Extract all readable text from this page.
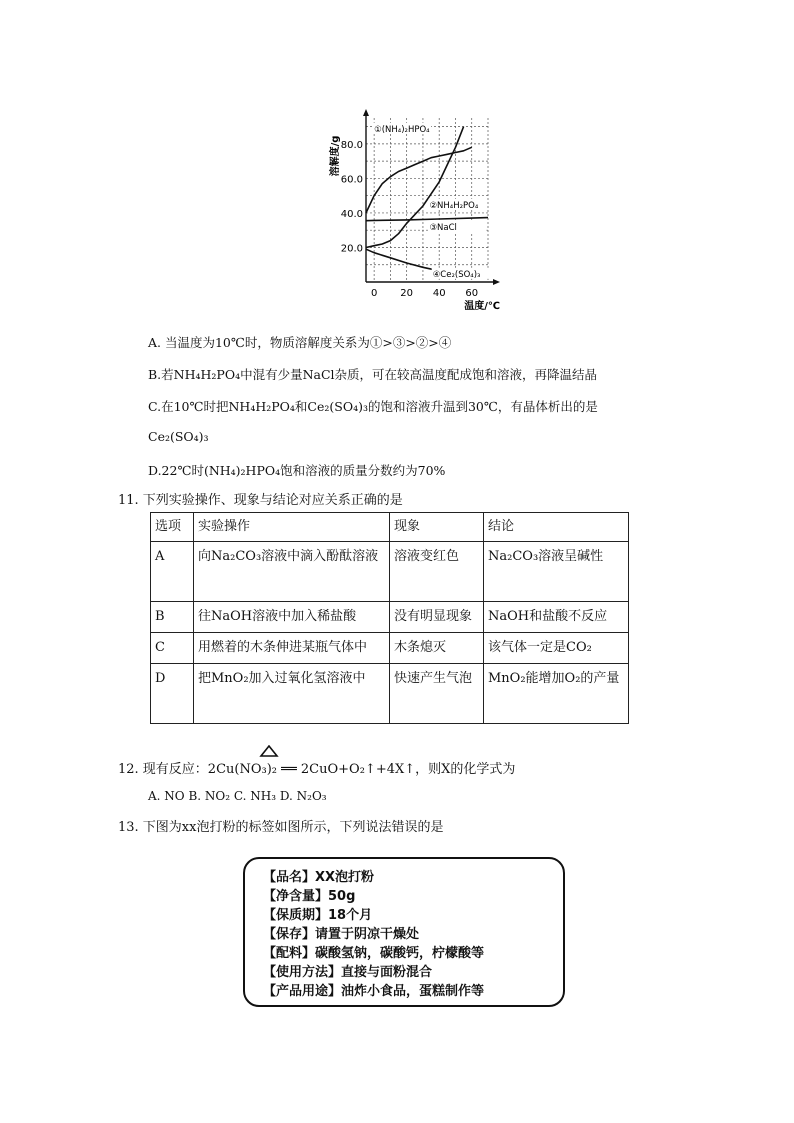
0 20 40 60
20.0
40.0
60.0
80.0
溶解度/g
温度/℃
①(NH₄)₂HPO₄
②NH₄H₂PO₄
③NaCl
④Ce₂(SO₄)₃
A. 当温度为10℃时，物质溶解度关系为①>③>②>④
B.若NH₄H₂PO₄中混有少量NaCl杂质，可在较高温度配成饱和溶液，再降温结晶
C.在10℃时把NH₄H₂PO₄和Ce₂(SO₄)₃的饱和溶液升温到30℃，有晶体析出的是
Ce₂(SO₄)₃
D.22℃时(NH₄)₂HPO₄饱和溶液的质量分数约为70%
11. 下列实验操作、现象与结论对应关系正确的是
选项	实验操作	现象	结论
A	向Na₂CO₃溶液中滴入酚酞溶液	溶液变红色	Na₂CO₃溶液呈碱性
B	往NaOH溶液中加入稀盐酸	没有明显现象	NaOH和盐酸不反应
C	用燃着的木条伸进某瓶气体中	木条熄灭	该气体一定是CO₂
D	把MnO₂加入过氧化氢溶液中	快速产生气泡	MnO₂能增加O₂的产量
12. 现有反应：2Cu(NO₃)₂ ══ 2CuO+O₂↑+4X↑，则X的化学式为
A. NO B. NO₂ C. NH₃ D. N₂O₃
13. 下图为xx泡打粉的标签如图所示，下列说法错误的是
【品名】XX泡打粉
【净含量】50g
【保质期】18个月
【保存】请置于阴凉干燥处
【配料】碳酸氢钠，碳酸钙，柠檬酸等
【使用方法】直接与面粉混合
【产品用途】油炸小食品，蛋糕制作等
